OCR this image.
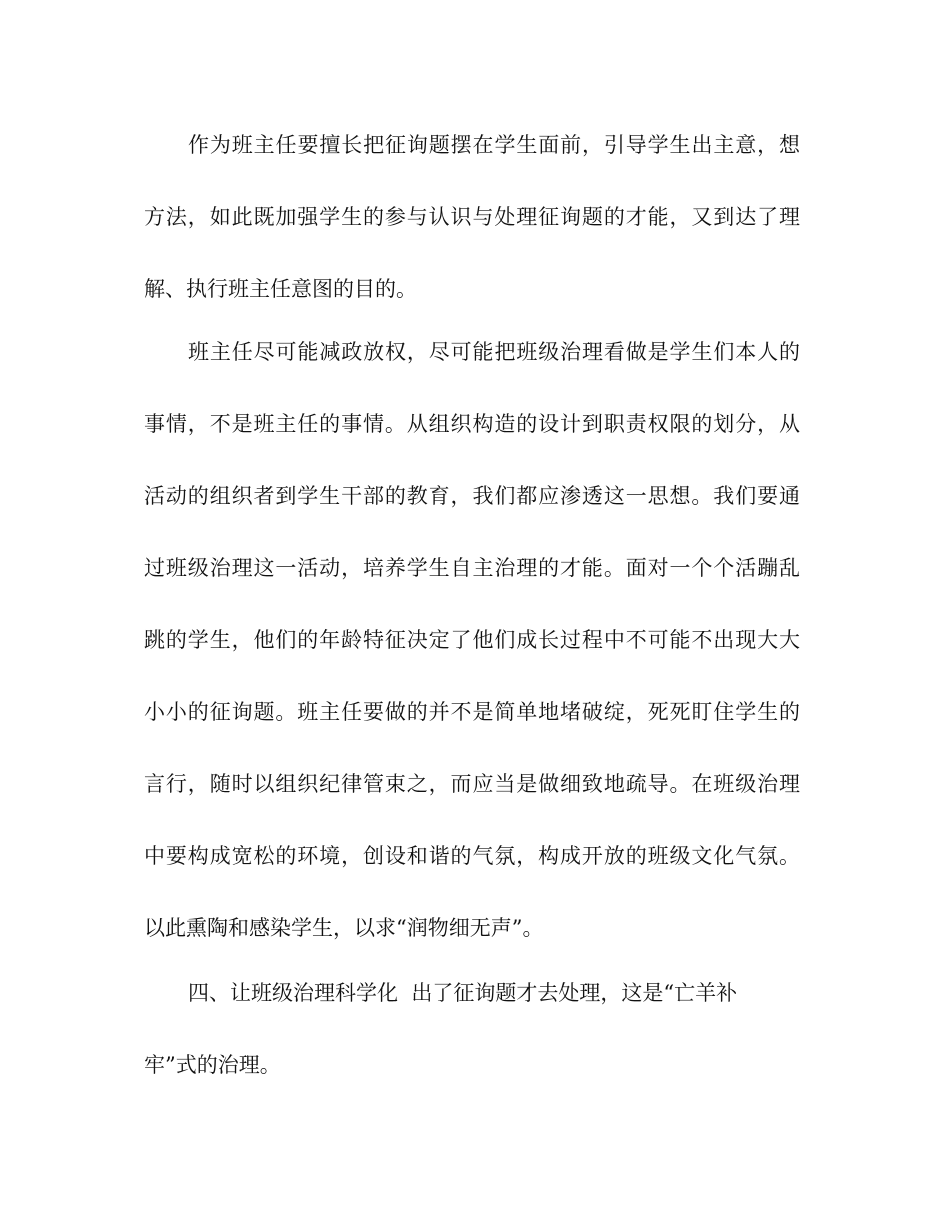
作为班主任要擅长把征询题摆在学生面前，引导学生出主意，想
方法，如此既加强学生的参与认识与处理征询题的才能，又到达了理
解、执行班主任意图的目的。
班主任尽可能减政放权，尽可能把班级治理看做是学生们本人的
事情，不是班主任的事情。从组织构造的设计到职责权限的划分，从
活动的组织者到学生干部的教育，我们都应渗透这一思想。我们要通
过班级治理这一活动，培养学生自主治理的才能。面对一个个活蹦乱
跳的学生，他们的年龄特征决定了他们成长过程中不可能不出现大大
小小的征询题。班主任要做的并不是简单地堵破绽，死死盯住学生的
言行，随时以组织纪律管束之，而应当是做细致地疏导。在班级治理
中要构成宽松的环境，创设和谐的气氛，构成开放的班级文化气氛。
以此熏陶和感染学生，以求“润物细无声”。
四、让班级治理科学化  出了征询题才去处理，这是“亡羊补
牢”式的治理。
